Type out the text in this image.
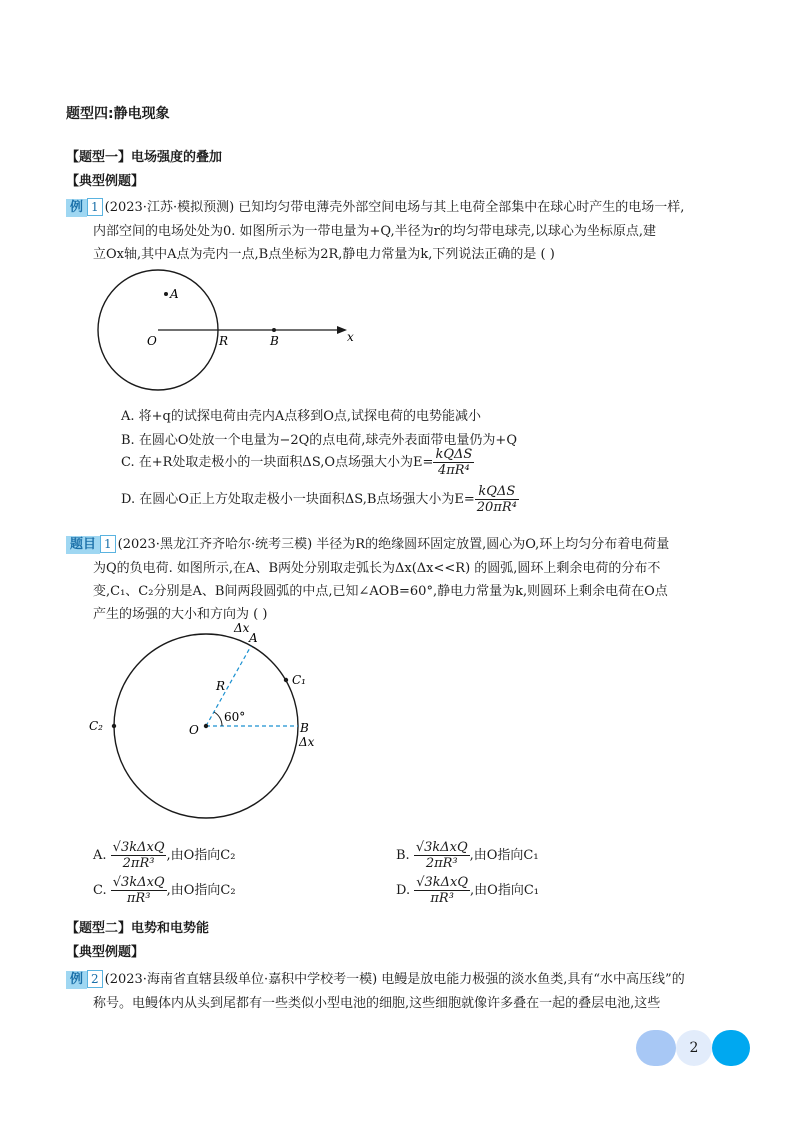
题型四:静电现象
【题型一】电场强度的叠加
【典型例题】
例 1 (2023·江苏·模拟预测) 已知均匀带电薄壳外部空间电场与其上电荷全部集中在球心时产生的电场一样,
内部空间的电场处处为0. 如图所示为一带电量为+Q,半径为r的均匀带电球壳,以球心为坐标原点,建
立Ox轴,其中A点为壳内一点,B点坐标为2R,静电力常量为k,下列说法正确的是 ( )
A
O	R	B	x
A. 将+q的试探电荷由壳内A点移到O点,试探电荷的电势能减小
B. 在圆心O处放一个电量为−2Q的点电荷,球壳外表面带电量仍为+Q
C. 在+R处取走极小的一块面积ΔS,O点场强大小为$E= \frac{\text{kQΔS}}{\text{4πR⁴}}$
D. 在圆心O正上方处取走极小一块面积ΔS,B点场强大小为$E= \frac{\text{kQΔS}}{\text{20πR⁴}}$
题目 1 (2023·黑龙江齐齐哈尔·统考三模) 半径为R的绝缘圆环固定放置,圆心为O,环上均匀分布着电荷量
为Q的负电荷. 如图所示,在A、B两处分别取走弧长为Δx(Δx<<R) 的圆弧,圆环上剩余电荷的分布不
变,C₁、C₂分别是A、B间两段圆弧的中点,已知∠AOB=60°,静电力常量为k,则圆环上剩余电荷在O点
产生的场强的大小和方向为 ( )
Δx
A
R	C₁
C₂	O
60°
B
Δx
A. $\frac{\text{√3kΔxQ}}{\text{2πR³}}$ ,由O指向C₂	B. $\frac{\text{√3kΔxQ}}{\text{2πR³}}$ ,由O指向C₁
C. $\frac{\text{√3kΔxQ}}{\text{πR³}}$ ,由O指向C₂	D. $\frac{\text{√3kΔxQ}}{\text{πR³}}$ ,由O指向C₁
【题型二】电势和电势能
【典型例题】
例 2 (2023·海南省直辖县级单位·嘉积中学校考一模) 电鳗是放电能力极强的淡水鱼类,具有“水中高压线”的
称号。电鳗体内从头到尾都有一些类似小型电池的细胞,这些细胞就像许多叠在一起的叠层电池,这些
2
